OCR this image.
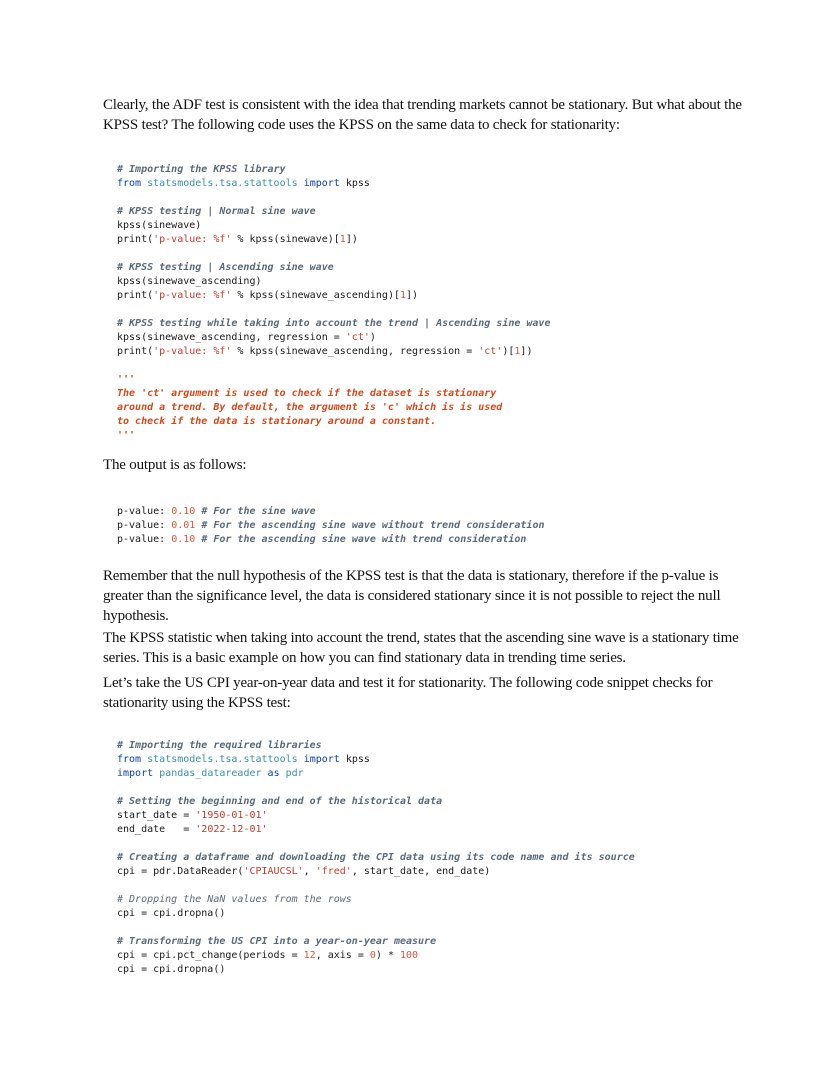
Clearly, the ADF test is consistent with the idea that trending markets cannot be stationary. But what about the KPSS test? The following code uses the KPSS on the same data to check for stationarity:

# Importing the KPSS library
from statsmodels.tsa.stattools import kpss

# KPSS testing | Normal sine wave
kpss(sinewave)
print('p-value: %f' % kpss(sinewave)[1])

# KPSS testing | Ascending sine wave
kpss(sinewave_ascending)
print('p-value: %f' % kpss(sinewave_ascending)[1])

# KPSS testing while taking into account the trend | Ascending sine wave
kpss(sinewave_ascending, regression = 'ct')
print('p-value: %f' % kpss(sinewave_ascending, regression = 'ct')[1])

'''
The 'ct' argument is used to check if the dataset is stationary
around a trend. By default, the argument is 'c' which is is used
to check if the data is stationary around a constant.
'''

The output is as follows:

p-value: 0.10 # For the sine wave
p-value: 0.01 # For the ascending sine wave without trend consideration
p-value: 0.10 # For the ascending sine wave with trend consideration

Remember that the null hypothesis of the KPSS test is that the data is stationary, therefore if the p-value is greater than the significance level, the data is considered stationary since it is not possible to reject the null hypothesis.

The KPSS statistic when taking into account the trend, states that the ascending sine wave is a stationary time series. This is a basic example on how you can find stationary data in trending time series.

Let’s take the US CPI year-on-year data and test it for stationarity. The following code snippet checks for stationarity using the KPSS test:

# Importing the required libraries
from statsmodels.tsa.stattools import kpss
import pandas_datareader as pdr

# Setting the beginning and end of the historical data
start_date = '1950-01-01'
end_date   = '2022-12-01'

# Creating a dataframe and downloading the CPI data using its code name and its source
cpi = pdr.DataReader('CPIAUCSL', 'fred', start_date, end_date)

# Dropping the NaN values from the rows
cpi = cpi.dropna()

# Transforming the US CPI into a year-on-year measure
cpi = cpi.pct_change(periods = 12, axis = 0) * 100
cpi = cpi.dropna()
